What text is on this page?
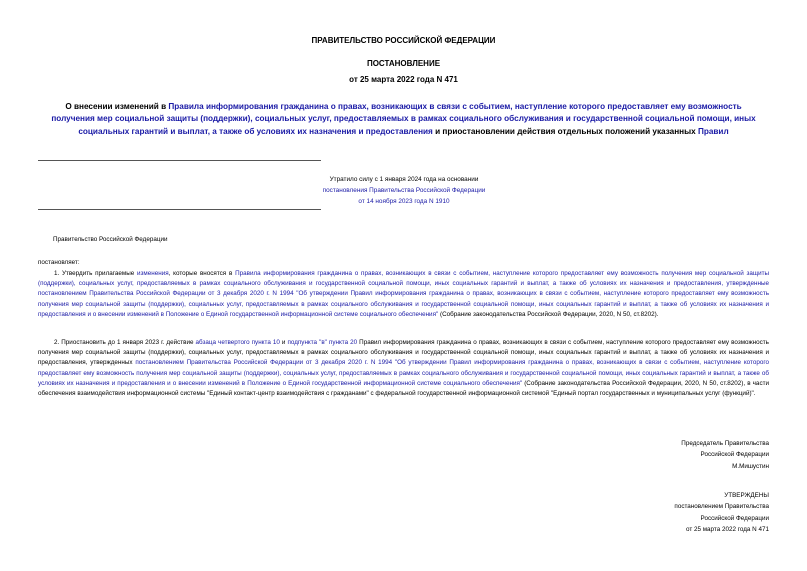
ПРАВИТЕЛЬСТВО РОССИЙСКОЙ ФЕДЕРАЦИИ
ПОСТАНОВЛЕНИЕ
от 25 марта 2022 года N 471
О внесении изменений в Правила информирования гражданина о правах, возникающих в связи с событием, наступление которого предоставляет ему возможность получения мер социальной защиты (поддержки), социальных услуг, предоставляемых в рамках социального обслуживания и государственной социальной помощи, иных социальных гарантий и выплат, а также об условиях их назначения и предоставления и приостановлении действия отдельных положений указанных Правил
Утратило силу с 1 января 2024 года на основании
постановления Правительства Российской Федерации
от 14 ноября 2023 года N 1910
Правительство Российской Федерации
постановляет:
1. Утвердить прилагаемые изменения, которые вносятся в Правила информирования гражданина о правах, возникающих в связи с событием, наступление которого предоставляет ему возможность получения мер социальной защиты (поддержки), социальных услуг, предоставляемых в рамках социального обслуживания и государственной социальной помощи, иных социальных гарантий и выплат, а также об условиях их назначения и предоставления, утвержденные постановлением Правительства Российской Федерации от 3 декабря 2020 г. N 1994 "Об утверждении Правил информирования гражданина о правах, возникающих в связи с событием, наступление которого предоставляет ему возможность получения мер социальной защиты (поддержки), социальных услуг, предоставляемых в рамках социального обслуживания и государственной социальной помощи, иных социальных гарантий и выплат, а также об условиях их назначения и предоставления и о внесении изменений в Положение о Единой государственной информационной системе социального обеспечения" (Собрание законодательства Российской Федерации, 2020, N 50, ст.8202).
2. Приостановить до 1 января 2023 г. действие абзаца четвертого пункта 10 и подпункта "в" пункта 20 Правил информирования гражданина о правах, возникающих в связи с событием, наступление которого предоставляет ему возможность получения мер социальной защиты (поддержки), социальных услуг, предоставляемых в рамках социального обслуживания и государственной социальной помощи, иных социальных гарантий и выплат, а также об условиях их назначения и предоставления, утвержденных постановлением Правительства Российской Федерации от 3 декабря 2020 г. N 1994 "Об утверждении Правил информирования гражданина о правах, возникающих в связи с событием, наступление которого предоставляет ему возможность получения мер социальной защиты (поддержки), социальных услуг, предоставляемых в рамках социального обслуживания и государственной социальной помощи, иных социальных гарантий и выплат, а также об условиях их назначения и предоставления и о внесении изменений в Положение о Единой государственной информационной системе социального обеспечения" (Собрание законодательства Российской Федерации, 2020, N 50, ст.8202), в части обеспечения взаимодействия информационной системы "Единый контакт-центр взаимодействия с гражданами" с федеральной государственной информационной системой "Единый портал государственных и муниципальных услуг (функций)".
Председатель Правительства
Российской Федерации
М.Мишустин
УТВЕРЖДЕНЫ
постановлением Правительства
Российской Федерации
от 25 марта 2022 года N 471
